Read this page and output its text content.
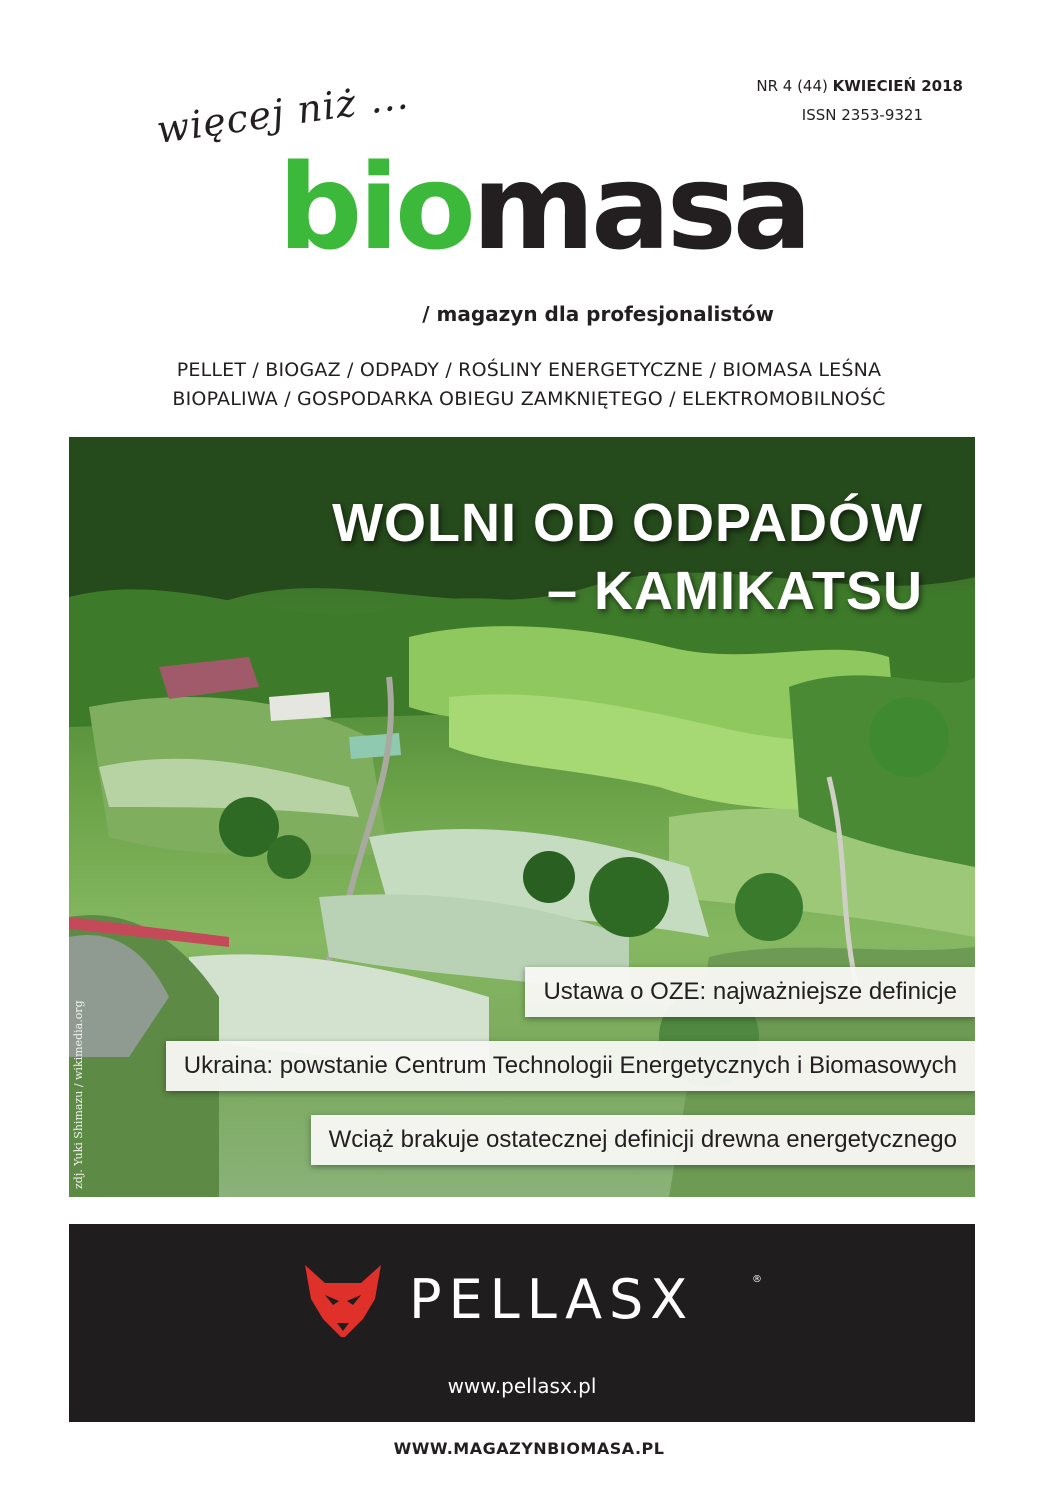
NR 4 (44) KWIECIEŃ 2018
ISSN 2353-9321
więcej niż ...
biomasa
/ magazyn dla profesjonalistów
PELLET / BIOGAZ / ODPADY / ROŚLINY ENERGETYCZNE / BIOMASA LEŚNA
BIOPALIWA / GOSPODARKA OBIEGU ZAMKNIĘTEGO / ELEKTROMOBILNOŚĆ
WOLNI OD ODPADÓW
– KAMIKATSU
Ustawa o OZE: najważniejsze definicje
Ukraina: powstanie Centrum Technologii Energetycznych i Biomasowych
Wciąż brakuje ostatecznej definicji drewna energetycznego
zdj. Yuki Shimazu / wikimedia.org
PELLASX	®
www.pellasx.pl
WWW.MAGAZYNBIOMASA.PL
